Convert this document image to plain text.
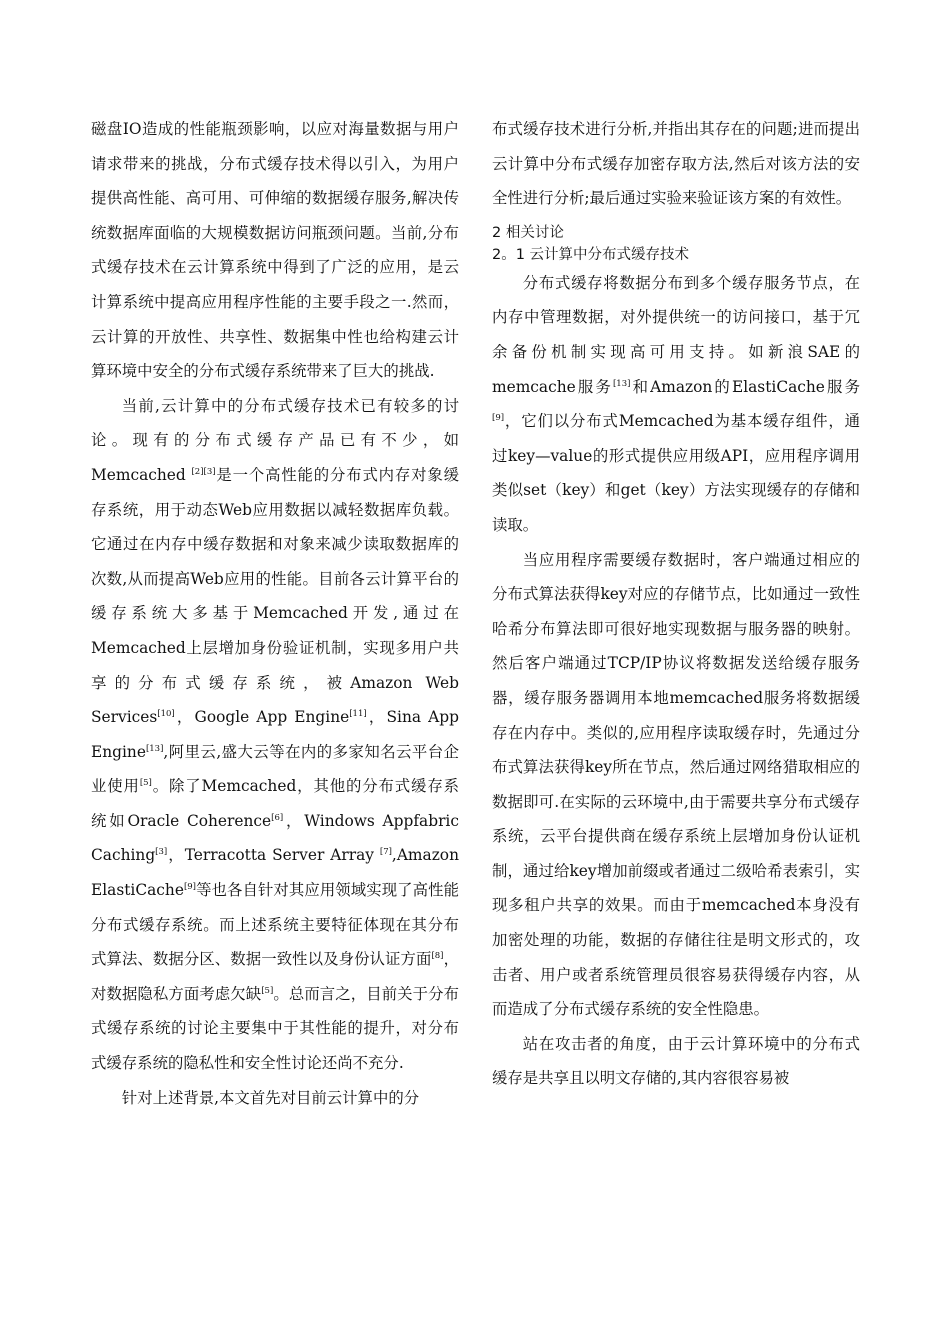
磁盘IO造成的性能瓶颈影响，以应对海量数据与用户请求带来的挑战，分布式缓存技术得以引入，为用户提供高性能、高可用、可伸缩的数据缓存服务,解决传统数据库面临的大规模数据访问瓶颈问题。当前,分布式缓存技术在云计算系统中得到了广泛的应用，是云计算系统中提高应用程序性能的主要手段之一.然而，云计算的开放性、共享性、数据集中性也给构建云计算环境中安全的分布式缓存系统带来了巨大的挑战.

当前,云计算中的分布式缓存技术已有较多的讨论。现有的分布式缓存产品已有不少，如Memcached [2][3]是一个高性能的分布式内存对象缓存系统，用于动态Web应用数据以减轻数据库负载。它通过在内存中缓存数据和对象来减少读取数据库的次数,从而提高Web应用的性能。目前各云计算平台的缓存系统大多基于Memcached开发,通过在Memcached上层增加身份验证机制，实现多用户共享的分布式缓存系统，被Amazon Web Services[10]，Google App Engine[11]，Sina App Engine[13],阿里云,盛大云等在内的多家知名云平台企业使用[5]。除了Memcached，其他的分布式缓存系统如Oracle Coherence[6]，Windows Appfabric Caching[3]，Terracotta Server Array [7],Amazon ElastiCache[9]等也各自针对其应用领域实现了高性能分布式缓存系统。而上述系统主要特征体现在其分布式算法、数据分区、数据一致性以及身份认证方面[8]，对数据隐私方面考虑欠缺[5]。总而言之，目前关于分布式缓存系统的讨论主要集中于其性能的提升，对分布式缓存系统的隐私性和安全性讨论还尚不充分.

针对上述背景,本文首先对目前云计算中的分

布式缓存技术进行分析,并指出其存在的问题;进而提出云计算中分布式缓存加密存取方法,然后对该方法的安全性进行分析;最后通过实验来验证该方案的有效性。

2 相关讨论

2。1 云计算中分布式缓存技术

分布式缓存将数据分布到多个缓存服务节点，在内存中管理数据，对外提供统一的访问接口，基于冗余备份机制实现高可用支持。如新浪SAE的memcache服务[13]和Amazon的ElastiCache服务[9]，它们以分布式Memcached为基本缓存组件，通过key—value的形式提供应用级API，应用程序调用类似set（key）和get（key）方法实现缓存的存储和读取。

当应用程序需要缓存数据时，客户端通过相应的分布式算法获得key对应的存储节点，比如通过一致性哈希分布算法即可很好地实现数据与服务器的映射。然后客户端通过TCP/IP协议将数据发送给缓存服务器，缓存服务器调用本地memcached服务将数据缓存在内存中。类似的,应用程序读取缓存时，先通过分布式算法获得key所在节点，然后通过网络猎取相应的数据即可.在实际的云环境中,由于需要共享分布式缓存系统，云平台提供商在缓存系统上层增加身份认证机制，通过给key增加前缀或者通过二级哈希表索引，实现多租户共享的效果。而由于memcached本身没有加密处理的功能，数据的存储往往是明文形式的，攻击者、用户或者系统管理员很容易获得缓存内容，从而造成了分布式缓存系统的安全性隐患。

站在攻击者的角度，由于云计算环境中的分布式缓存是共享且以明文存储的,其内容很容易被
